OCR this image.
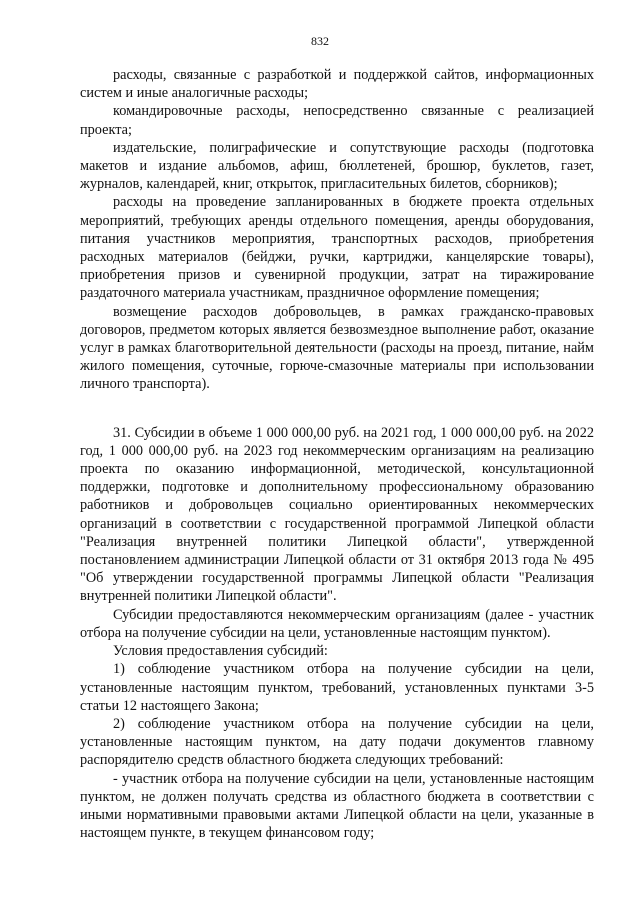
832

расходы, связанные с разработкой и поддержкой сайтов, информационных систем и иные аналогичные расходы;

командировочные расходы, непосредственно связанные с реализацией проекта;

издательские, полиграфические и сопутствующие расходы (подготовка макетов и издание альбомов, афиш, бюллетеней, брошюр, буклетов, газет, журналов, календарей, книг, открыток, пригласительных билетов, сборников);

расходы на проведение запланированных в бюджете проекта отдельных мероприятий, требующих аренды отдельного помещения, аренды оборудования, питания участников мероприятия, транспортных расходов, приобретения расходных материалов (бейджи, ручки, картриджи, канцелярские товары), приобретения призов и сувенирной продукции, затрат на тиражирование раздаточного материала участникам, праздничное оформление помещения;

возмещение расходов добровольцев, в рамках гражданско-правовых договоров, предметом которых является безвозмездное выполнение работ, оказание услуг в рамках благотворительной деятельности (расходы на проезд, питание, найм жилого помещения, суточные, горюче-смазочные материалы при использовании личного транспорта).

31. Субсидии в объеме 1 000 000,00 руб. на 2021 год, 1 000 000,00 руб. на 2022 год, 1 000 000,00 руб. на 2023 год некоммерческим организациям на реализацию проекта по оказанию информационной, методической, консультационной поддержки, подготовке и дополнительному профессиональному образованию работников и добровольцев социально ориентированных некоммерческих организаций в соответствии с государственной программой Липецкой области "Реализация внутренней политики Липецкой области", утвержденной постановлением администрации Липецкой области от 31 октября 2013 года № 495 "Об утверждении государственной программы Липецкой области "Реализация внутренней политики Липецкой области".

Субсидии предоставляются некоммерческим организациям (далее - участник отбора на получение субсидии на цели, установленные настоящим пунктом).

Условия предоставления субсидий:

1) соблюдение участником отбора на получение субсидии на цели, установленные настоящим пунктом, требований, установленных пунктами 3-5 статьи 12 настоящего Закона;

2) соблюдение участником отбора на получение субсидии на цели, установленные настоящим пунктом, на дату подачи документов главному распорядителю средств областного бюджета следующих требований:

- участник отбора на получение субсидии на цели, установленные настоящим пунктом, не должен получать средства из областного бюджета в соответствии с иными нормативными правовыми актами Липецкой области на цели, указанные в настоящем пункте, в текущем финансовом году;
